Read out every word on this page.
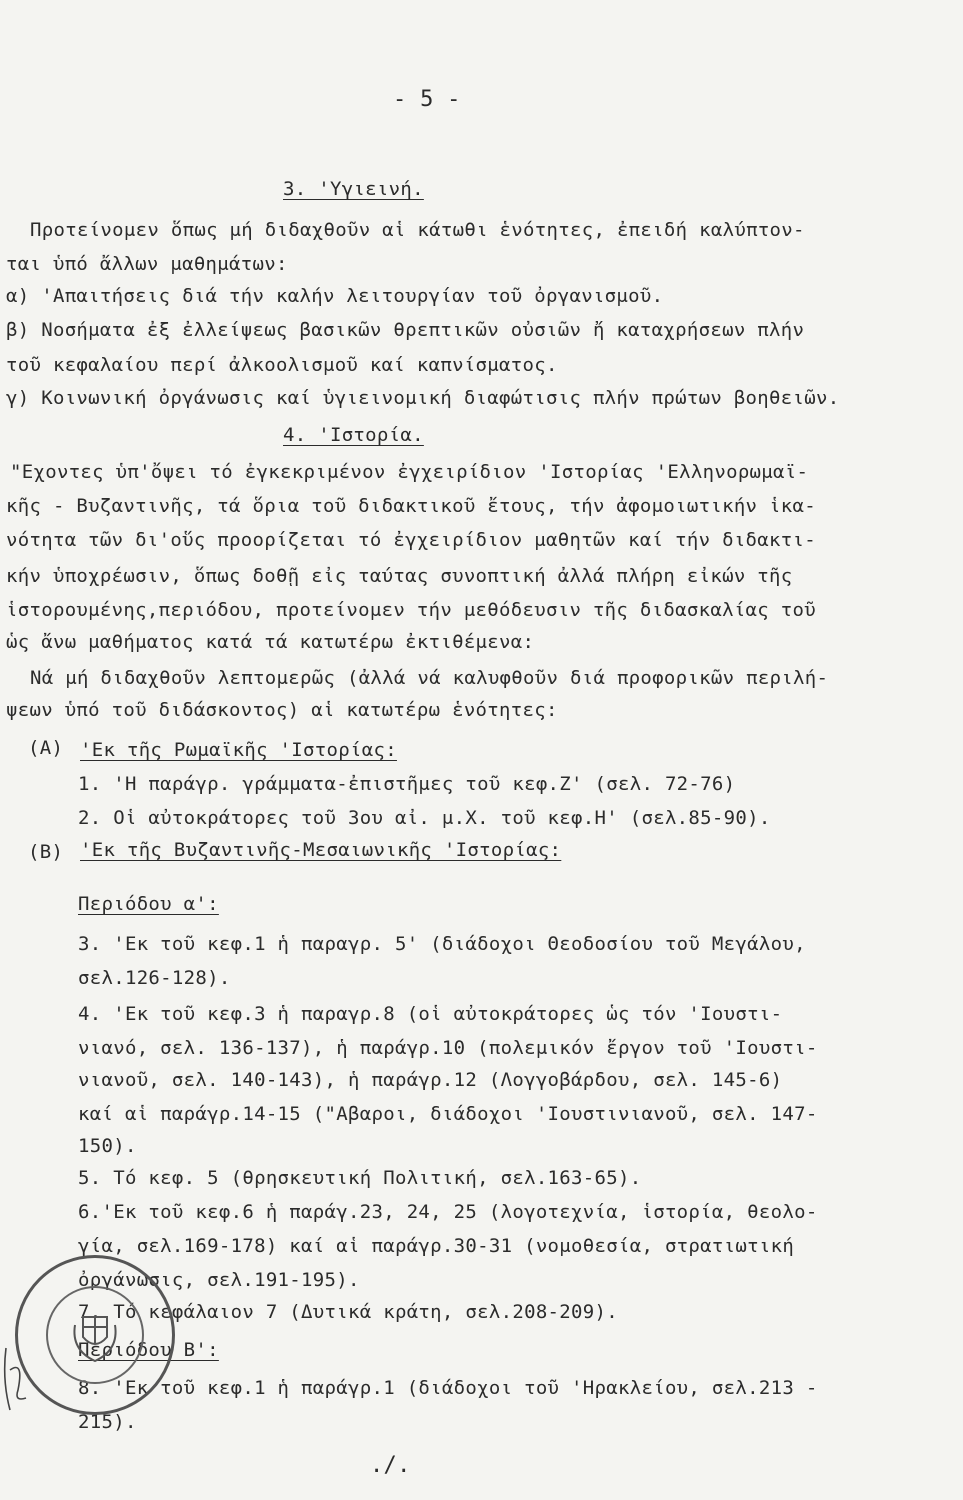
- 5 -
3. 'Υγιεινή.
Προτείνομεν ὅπως μή διδαχθοῦν αἱ κάτωθι ἑνότητες, ἐπειδή καλύπτον-
ται ὑπό ἄλλων μαθημάτων:
α) 'Απαιτήσεις διά τήν καλήν λειτουργίαν τοῦ ὀργανισμοῦ.
β) Νοσήματα ἐξ ἐλλείψεως βασικῶν θρεπτικῶν οὐσιῶν ἤ καταχρήσεων πλήν
τοῦ κεφαλαίου περί ἀλκοολισμοῦ καί καπνίσματος.
γ) Κοινωνική ὀργάνωσις καί ὑγιεινομική διαφώτισις πλήν πρώτων βοηθειῶν.
4. 'Ιστορία.
"Εχοντες ὑπ'ὄψει τό ἐγκεκριμένον ἐγχειρίδιον 'Ιστορίας 'Ελληνορωμαϊ-
κῆς - Βυζαντινῆς, τά ὅρια τοῦ διδακτικοῦ ἔτους, τήν ἀφομοιωτικήν ἱκα-
νότητα τῶν δι'οὕς προορίζεται τό ἐγχειρίδιον μαθητῶν καί τήν διδακτι-
κήν ὑποχρέωσιν, ὅπως δοθῇ εἰς ταύτας συνοπτική ἀλλά πλήρη εἰκών τῆς
ἱστορουμένης,περιόδου, προτείνομεν τήν μεθόδευσιν τῆς διδασκαλίας τοῦ
ὡς ἄνω μαθήματος κατά τά κατωτέρω ἐκτιθέμενα:
Νά μή διδαχθοῦν λεπτομερῶς (ἀλλά νά καλυφθοῦν διά προφορικῶν περιλή-
ψεων ὑπό τοῦ διδάσκοντος) αἱ κατωτέρω ἑνότητες:
(Α) 'Εκ τῆς Ρωμαϊκῆς 'Ιστορίας:
1. 'Η παράγρ. γράμματα-ἐπιστῆμες τοῦ κεφ.Ζ' (σελ. 72-76)
2. Οἱ αὐτοκράτορες τοῦ 3ου αἰ. μ.Χ. τοῦ κεφ.Η' (σελ.85-90).
(Β) 'Εκ τῆς Βυζαντινῆς-Μεσαιωνικῆς 'Ιστορίας:
Περιόδου α':
3. 'Εκ τοῦ κεφ.1 ἡ παραγρ. 5' (διάδοχοι Θεοδοσίου τοῦ Μεγάλου,
σελ.126-128).
4. 'Εκ τοῦ κεφ.3 ἡ παραγρ.8 (οἱ αὐτοκράτορες ὡς τόν 'Ιουστι-
νιανό, σελ. 136-137), ἡ παράγρ.10 (πολεμικόν ἔργον τοῦ 'Ιουστι-
νιανοῦ, σελ. 140-143), ἡ παράγρ.12 (Λογγοβάρδου, σελ. 145-6)
καί αἱ παράγρ.14-15 ("Αβαροι, διάδοχοι 'Ιουστινιανοῦ, σελ. 147-
150).
5. Τό κεφ. 5 (θρησκευτική Πολιτική, σελ.163-65).
6.'Εκ τοῦ κεφ.6 ἡ παράγ.23, 24, 25 (λογοτεχνία, ἱστορία, θεολο-
γία, σελ.169-178) καί αἱ παράγρ.30-31 (νομοθεσία, στρατιωτική
ὀργάνωσις, σελ.191-195).
7. Τό κεφάλαιον 7 (Δυτικά κράτη, σελ.208-209).
Περιόδου Β':
8. 'Εκ τοῦ κεφ.1 ἡ παράγρ.1 (διάδοχοι τοῦ 'Ηρακλείου, σελ.213 -
215).
./.
